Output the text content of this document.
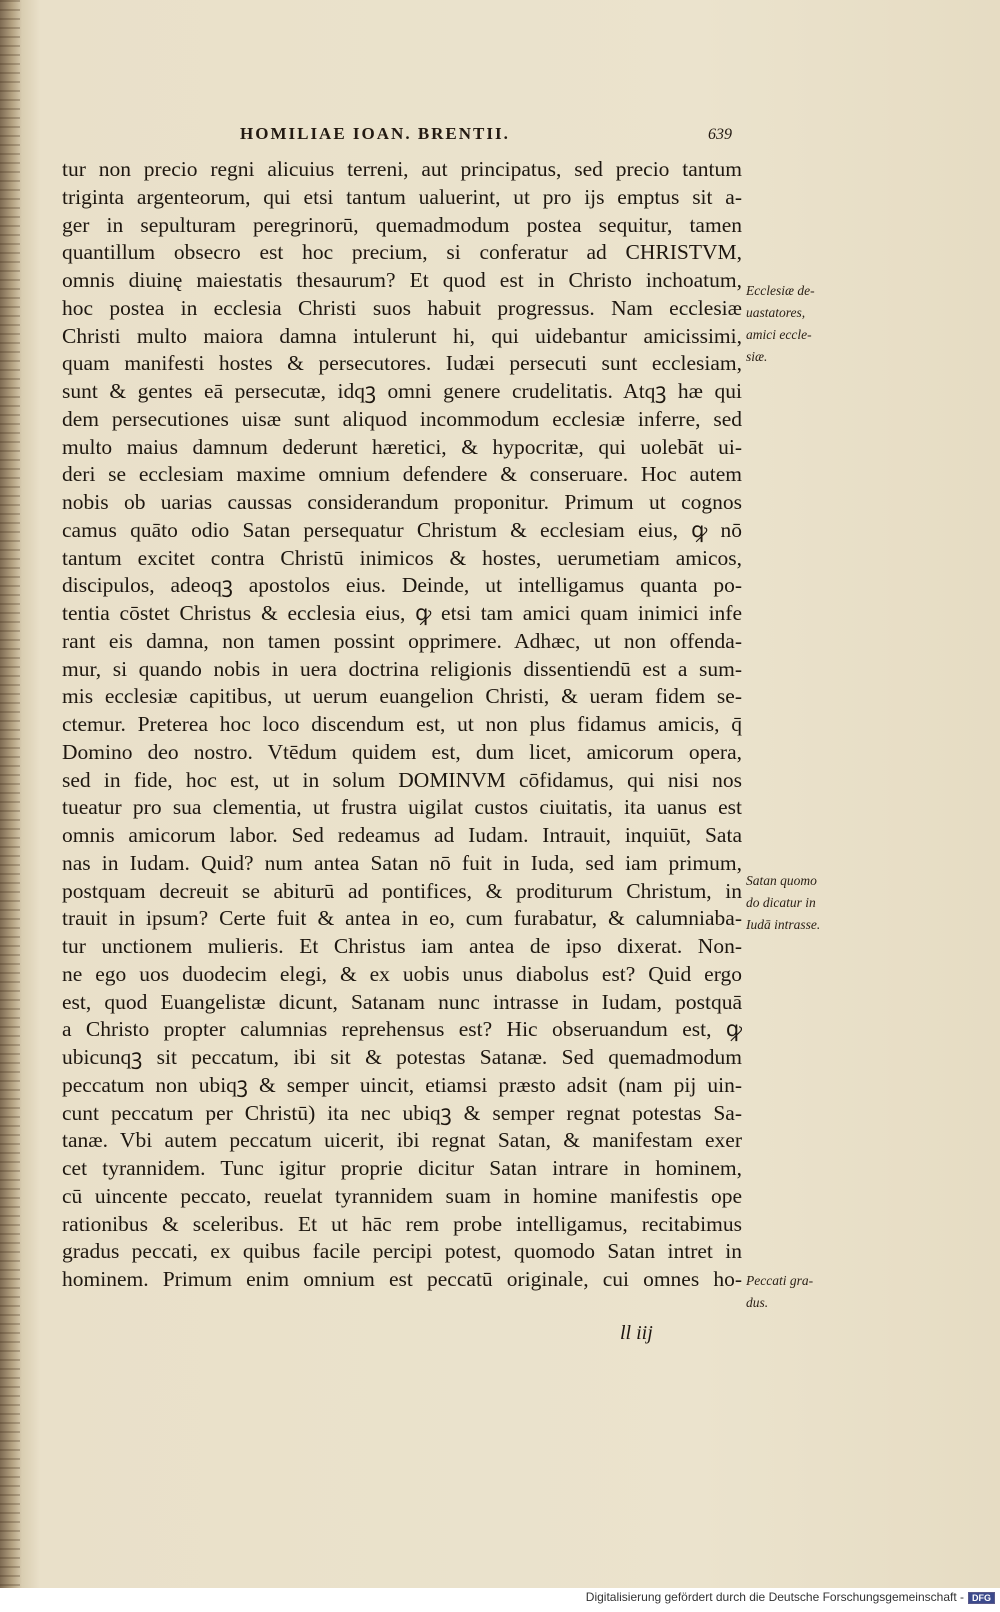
HOMILIAE IOAN. BRENTII.	639
tur non precio regni alicuius terreni, aut principatus, sed precio tantum
triginta argenteorum, qui etsi tantum ualuerint, ut pro ijs emptus sit a-
ger in sepulturam peregrinorū, quemadmodum postea sequitur, tamen
quantillum obsecro est hoc precium, si conferatur ad CHRISTVM,
omnis diuinę maiestatis thesaurum? Et quod est in Christo inchoatum,
hoc postea in ecclesia Christi suos habuit progressus. Nam ecclesiæ
Christi multo maiora damna intulerunt hi, qui uidebantur amicissimi,
quam manifesti hostes & persecutores. Iudæi persecuti sunt ecclesiam,
sunt & gentes eā persecutæ, idqꝫ omni genere crudelitatis. Atqꝫ hæ qui
dem persecutiones uisæ sunt aliquod incommodum ecclesiæ inferre, sed
multo maius damnum dederunt hæretici, & hypocritæ, qui uolebāt ui-
deri se ecclesiam maxime omnium defendere & conseruare. Hoc autem
nobis ob uarias caussas considerandum proponitur. Primum ut cognos
camus quāto odio Satan persequatur Christum & ecclesiam eius, ꝙ nō
tantum excitet contra Christū inimicos & hostes, uerumetiam amicos,
discipulos, adeoqꝫ apostolos eius. Deinde, ut intelligamus quanta po-
tentia cōstet Christus & ecclesia eius, ꝙ etsi tam amici quam inimici infe
rant eis damna, non tamen possint opprimere. Adhæc, ut non offenda-
mur, si quando nobis in uera doctrina religionis dissentiendū est a sum-
mis ecclesiæ capitibus, ut uerum euangelion Christi, & ueram fidem se-
ctemur. Preterea hoc loco discendum est, ut non plus fidamus amicis, q̄
Domino deo nostro. Vtēdum quidem est, dum licet, amicorum opera,
sed in fide, hoc est, ut in solum DOMINVM cōfidamus, qui nisi nos
tueatur pro sua clementia, ut frustra uigilat custos ciuitatis, ita uanus est
omnis amicorum labor. Sed redeamus ad Iudam. Intrauit, inquiūt, Sata
nas in Iudam. Quid? num antea Satan nō fuit in Iuda, sed iam primum,
postquam decreuit se abiturū ad pontifices, & proditurum Christum, in
trauit in ipsum? Certe fuit & antea in eo, cum furabatur, & calumniaba-
tur unctionem mulieris. Et Christus iam antea de ipso dixerat. Non-
ne ego uos duodecim elegi, & ex uobis unus diabolus est? Quid ergo
est, quod Euangelistæ dicunt, Satanam nunc intrasse in Iudam, postquā
a Christo propter calumnias reprehensus est? Hic obseruandum est, ꝙ
ubicunqꝫ sit peccatum, ibi sit & potestas Satanæ. Sed quemadmodum
peccatum non ubiqꝫ & semper uincit, etiamsi præsto adsit (nam pij uin-
cunt peccatum per Christū) ita nec ubiqꝫ & semper regnat potestas Sa-
tanæ. Vbi autem peccatum uicerit, ibi regnat Satan, & manifestam exer
cet tyrannidem. Tunc igitur proprie dicitur Satan intrare in hominem,
cū uincente peccato, reuelat tyrannidem suam in homine manifestis ope
rationibus & sceleribus. Et ut hāc rem probe intelligamus, recitabimus
gradus peccati, ex quibus facile percipi potest, quomodo Satan intret in
hominem. Primum enim omnium est peccatū originale, cui omnes ho-
ll iij
Ecclesiæ de-
uastatores,
amici eccle-
siæ.
Satan quomo
do dicatur in
Iudā intrasse.
Peccati gra-
dus.
Digitalisierung gefördert durch die Deutsche Forschungsgemeinschaft - DFG
